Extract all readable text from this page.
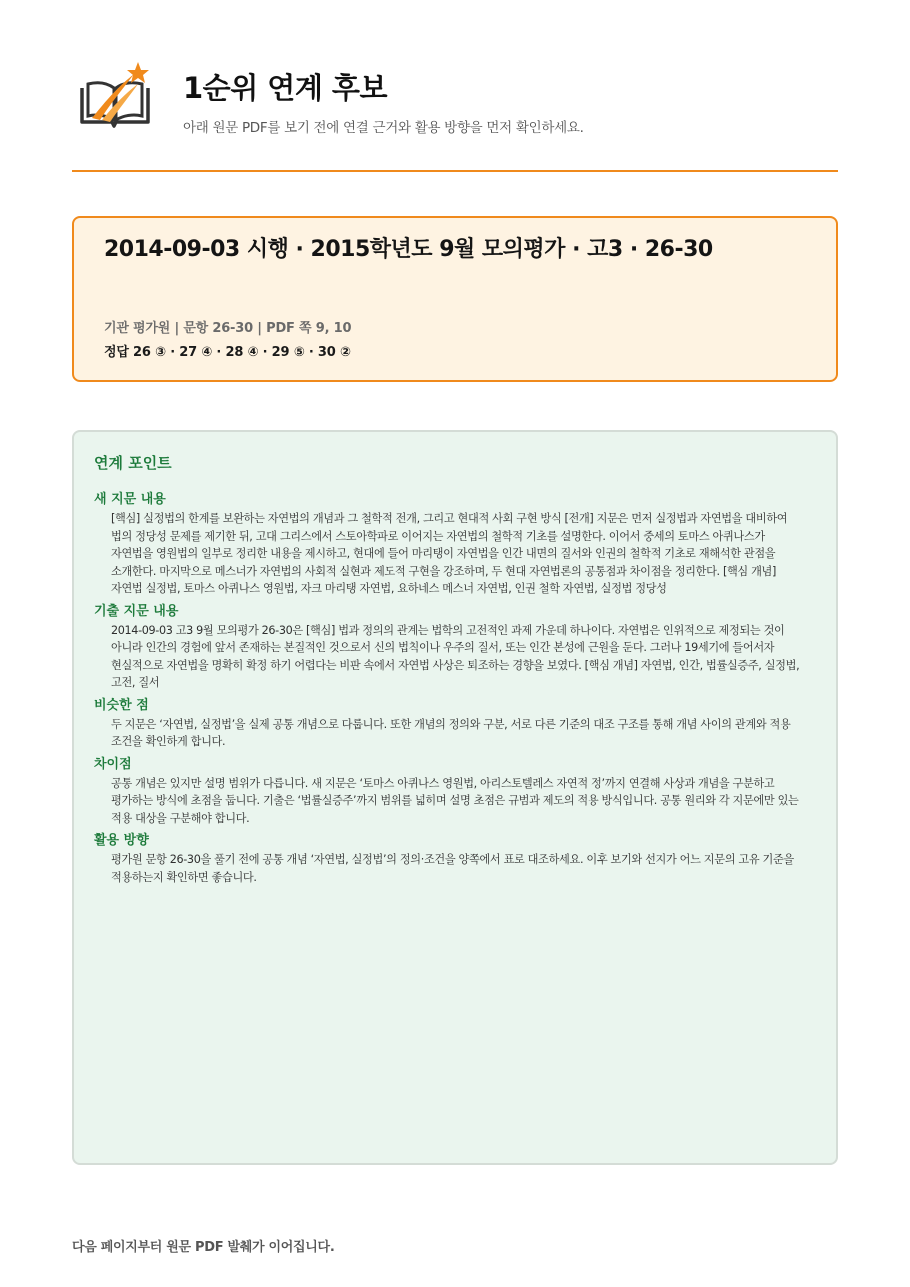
1순위 연계 후보
아래 원문 PDF를 보기 전에 연결 근거와 활용 방향을 먼저 확인하세요.
2014-09-03 시행 · 2015학년도 9월 모의평가 · 고3 · 26-30
기관 평가원 | 문항 26-30 | PDF 쪽 9, 10
정답 26 ③ · 27 ④ · 28 ④ · 29 ⑤ · 30 ②
연계 포인트
새 지문 내용
[핵심] 실정법의 한계를 보완하는 자연법의 개념과 그 철학적 전개, 그리고 현대적 사회 구현 방식 [전개] 지문은 먼저 실정법과 자연법을 대비하여 법의 정당성 문제를 제기한 뒤, 고대 그리스에서 스토아학파로 이어지는 자연법의 철학적 기초를 설명한다. 이어서 중세의 토마스 아퀴나스가 자연법을 영원법의 일부로 정리한 내용을 제시하고, 현대에 들어 마리탱이 자연법을 인간 내면의 질서와 인권의 철학적 기초로 재해석한 관점을 소개한다. 마지막으로 메스너가 자연법의 사회적 실현과 제도적 구현을 강조하며, 두 현대 자연법론의 공통점과 차이점을 정리한다. [핵심 개념] 자연법 실정법, 토마스 아퀴나스 영원법, 자크 마리탱 자연법, 요하네스 메스너 자연법, 인권 철학 자연법, 실정법 정당성
기출 지문 내용
2014-09-03 고3 9월 모의평가 26-30은 [핵심] 법과 정의의 관계는 법학의 고전적인 과제 가운데 하나이다. 자연법은 인위적으로 제정되는 것이 아니라 인간의 경험에 앞서 존재하는 본질적인 것으로서 신의 법칙이나 우주의 질서, 또는 인간 본성에 근원을 둔다. 그러나 19세기에 들어서자 현실적으로 자연법을 명확히 확정 하기 어렵다는 비판 속에서 자연법 사상은 퇴조하는 경향을 보였다. [핵심 개념] 자연법, 인간, 법률실증주, 실정법, 고전, 질서
비슷한 점
두 지문은 ‘자연법, 실정법’을 실제 공통 개념으로 다룹니다. 또한 개념의 정의와 구분, 서로 다른 기준의 대조 구조를 통해 개념 사이의 관계와 적용 조건을 확인하게 합니다.
차이점
공통 개념은 있지만 설명 범위가 다릅니다. 새 지문은 ‘토마스 아퀴나스 영원법, 아리스토텔레스 자연적 정’까지 연결해 사상과 개념을 구분하고 평가하는 방식에 초점을 둡니다. 기출은 ‘법률실증주’까지 범위를 넓히며 설명 초점은 규범과 제도의 적용 방식입니다. 공통 원리와 각 지문에만 있는 적용 대상을 구분해야 합니다.
활용 방향
평가원 문항 26-30을 풀기 전에 공통 개념 ‘자연법, 실정법’의 정의·조건을 양쪽에서 표로 대조하세요. 이후 보기와 선지가 어느 지문의 고유 기준을 적용하는지 확인하면 좋습니다.
다음 페이지부터 원문 PDF 발췌가 이어집니다.
